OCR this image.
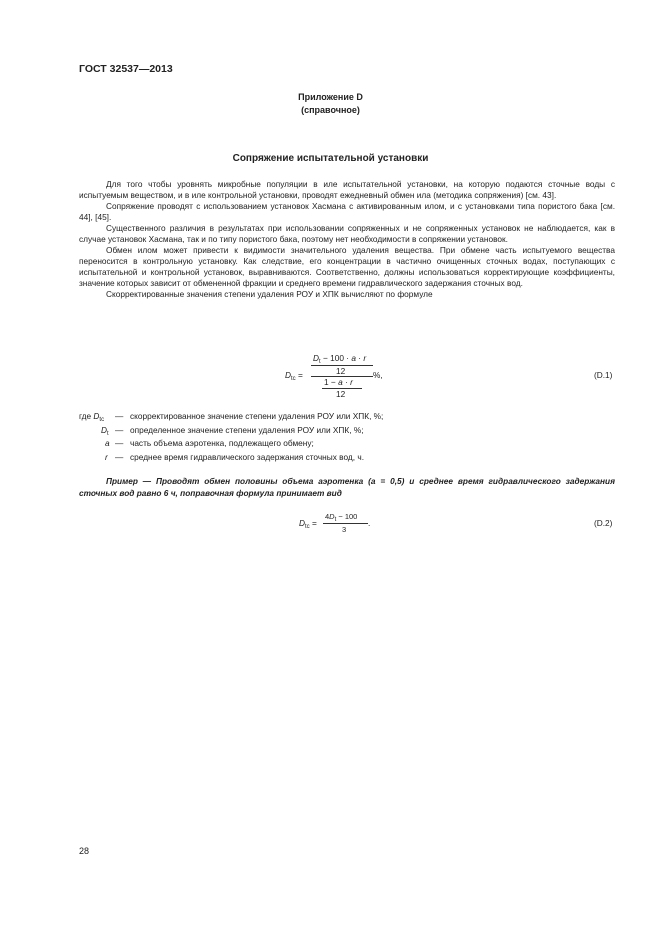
ГОСТ 32537—2013
Приложение D
(справочное)
Сопряжение испытательной установки

Для того чтобы уровнять микробные популяции в иле испытательной установки, на которую подаются сточные воды с испытуемым веществом, и в иле контрольной установки, проводят ежедневный обмен ила (методика сопряжения) [см. 43].

Сопряжение проводят с использованием установок Хасмана с активированным илом, и с установками типа пористого бака [см. 44], [45].

Существенного различия в результатах при использовании сопряженных и не сопряженных установок не наблюдается, как в случае установок Хасмана, так и по типу пористого бака, поэтому нет необходимости в сопряжении установок.

Обмен илом может привести к видимости значительного удаления вещества. При обмене часть испытуемого вещества переносится в контрольную установку. Как следствие, его концентрации в частично очищенных сточных водах, поступающих с испытательной и контрольной установок, выравниваются. Соответственно, должны использоваться корректирующие коэффициенты, значение которых зависит от обмененной фракции и среднего времени гидравлического задержания сточных вод.

Скорректированные значения степени удаления РОУ и ХПК вычисляют по формуле

$D_{tc}$ =
$D_t - 100 \cdot a \cdot r$
12	%,
1 − a · r
12
(D.1)
где $D_{tc}$
$D_t$
a
r
—
—
—
—
скорректированное значение степени удаления РОУ или ХПК, %;
определенное значение степени удаления РОУ или ХПК, %;
часть объема аэротенка, подлежащего обмену;
среднее время гидравлического задержания сточных вод, ч.
Пример — Проводят обмен половины объема аэротенка (a = 0,5) и среднее время гидравлического задержания сточных вод равно 6 ч, поправочная формула принимает вид
$D_{tc}$ =
$4D_t - 100$
3
.	(D.2)
28
